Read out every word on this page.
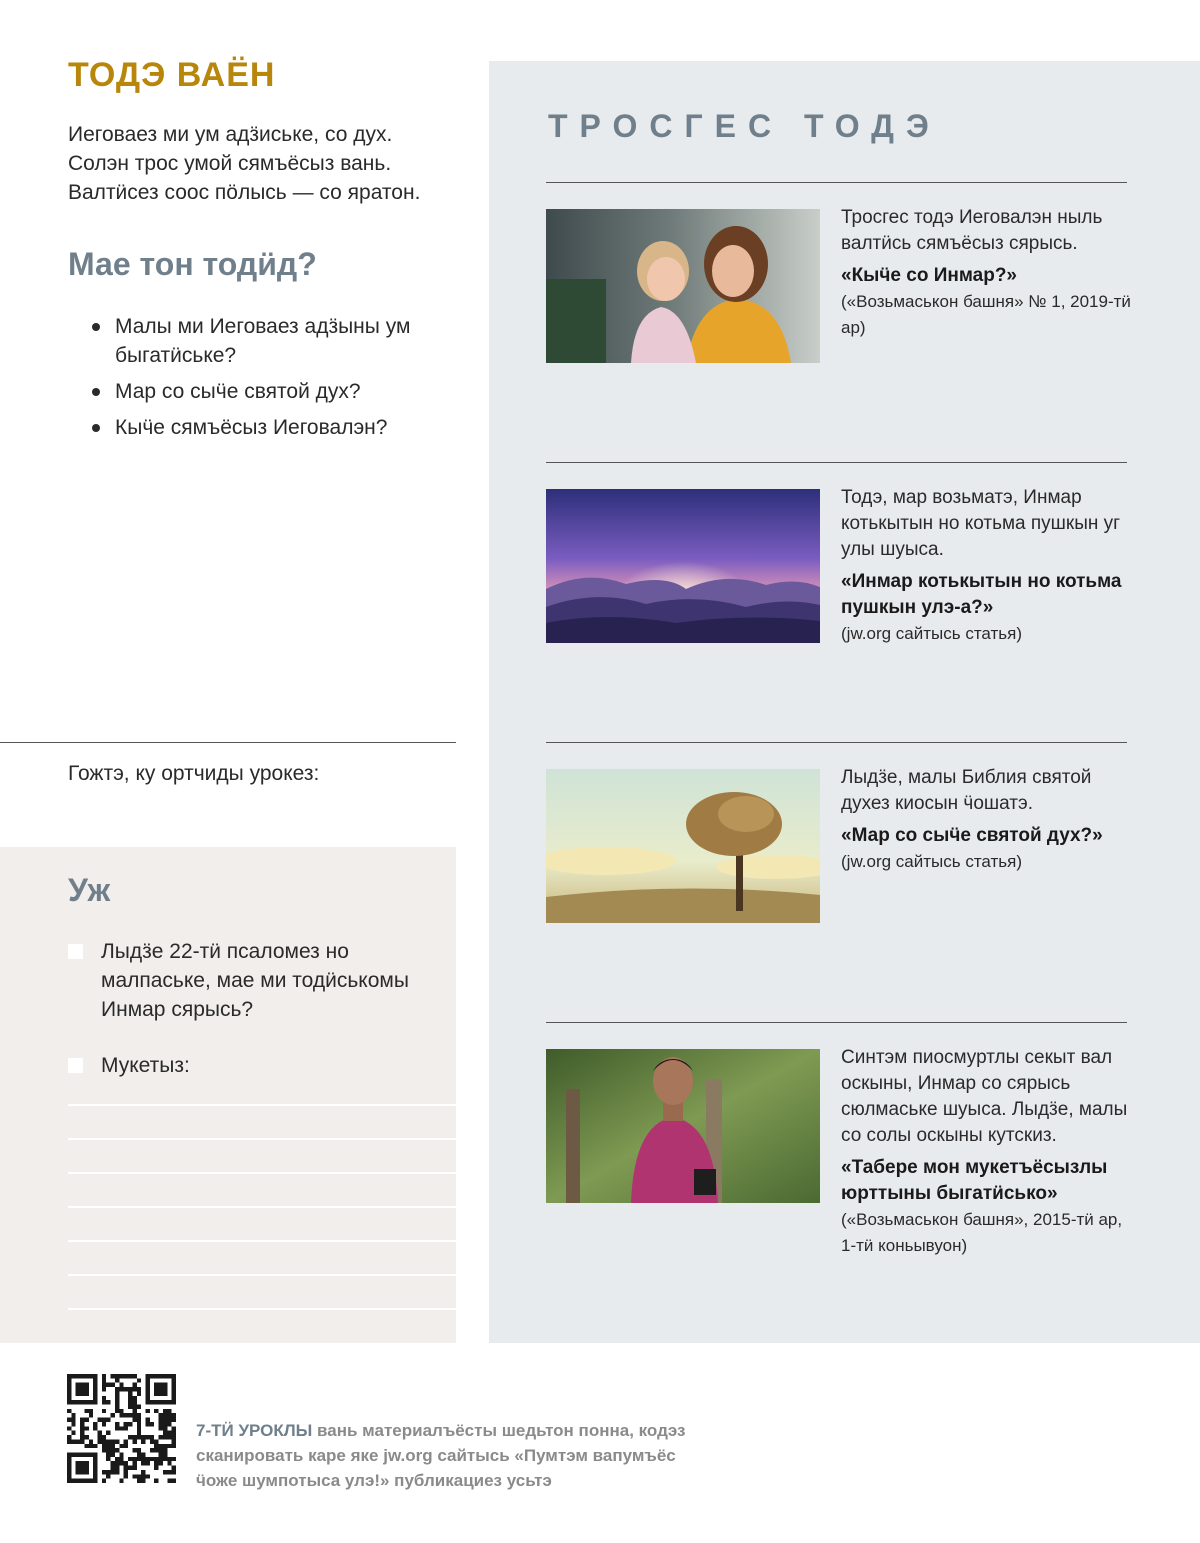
ТОДЭ ВАЁН

Иеговаез ми ум адӟиське, со дух. Солэн трос умой сямъёсыз вань. Валтӥсез соос пӧлысь — со яратон.

Мае тон тодӥд?
Малы ми Иеговаез адӟыны ум быгатӥське?
Мар со сыӵе святой дух?
Кыӵе сямъёсыз Иеговалэн?

Гожтэ, ку ортчиды урокез:

Уж
Лыдӟе 22-тӥ псаломез но малпаське, мае ми тодӥськомы Инмар сярысь?
Мукетыз:
ТРОСГЕС ТОДЭ

Тросгес тодэ Иеговалэн ныль валтӥсь сямъёсыз сярысь.

«Кыӵе со Инмар?»

(«Возьмаськон башня» № 1, 2019-тӥ ар)

Тодэ, мар возьматэ, Инмар котькытын но котьма пушкын уг улы шуыса.

«Инмар котькытын но котьма пушкын улэ-а?»

(jw.org сайтысь статья)

Лыдӟе, малы Библия святой духез киосын ӵошатэ.

«Мар со сыӵе святой дух?»

(jw.org сайтысь статья)

Синтэм пиосмуртлы секыт вал оскыны, Инмар со сярысь сюлмаське шуыса. Лыдӟе, малы со солы оскыны кутскиз.

«Табере мон мукетъёсызлы юрттыны быгатӥсько»

(«Возьмаськон башня», 2015-тӥ ар, 1-тӥ коньывуон)

7-ТӤ УРОКЛЫ вань материалъёсты шедьтон понна, кодэз сканировать каре яке jw.org сайтысь «Пумтэм вапумъёс ӵоже шумпотыса улэ!» публикациез усьтэ
